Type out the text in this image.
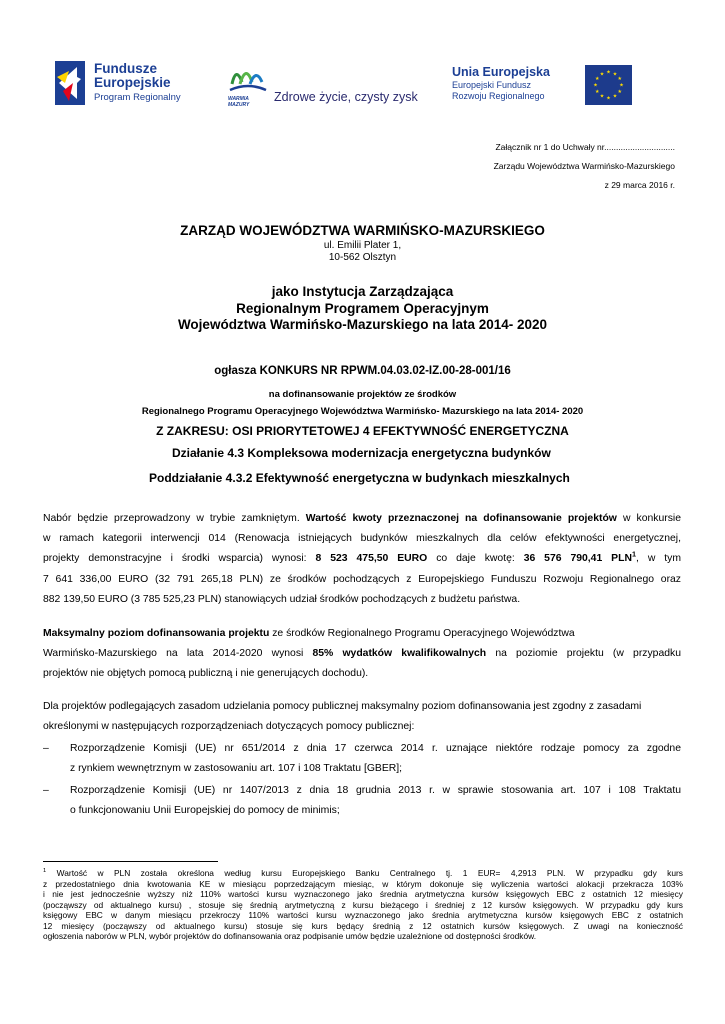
Fundusze
Europejskie
Program Regionalny	WARMIA
MAZURY
Zdrowe życie, czysty zysk
Unia Europejska
Europejski Fundusz
Rozwoju Regionalnego
★ ★
★
★
★
★
★
★
★
★
★
★
Załącznik nr 1 do Uchwały nr..............................
Zarządu Województwa Warmińsko-Mazurskiego
z 29 marca 2016 r.
ZARZĄD WOJEWÓDZTWA WARMIŃSKO-MAZURSKIEGO
ul. Emilii Plater 1,
10-562 Olsztyn
jako Instytucja Zarządzająca
Regionalnym Programem Operacyjnym
Województwa Warmińsko-Mazurskiego na lata 2014- 2020
ogłasza KONKURS NR RPWM.04.03.02-IZ.00-28-001/16
na dofinansowanie projektów ze środków
Regionalnego Programu Operacyjnego Województwa Warmińsko- Mazurskiego na lata 2014- 2020
Z ZAKRESU: OSI PRIORYTETOWEJ 4 EFEKTYWNOŚĆ ENERGETYCZNA
Działanie 4.3 Kompleksowa modernizacja energetyczna budynków
Poddziałanie 4.3.2 Efektywność energetyczna w budynkach mieszkalnych
Nabór będzie przeprowadzony w trybie zamkniętym. Wartość kwoty przeznaczonej na dofinansowanie projektów w konkursie
w ramach kategorii interwencji 014 (Renowacja istniejących budynków mieszkalnych dla celów efektywności energetycznej,
projekty demonstracyjne i środki wsparcia) wynosi: 8 523 475,50 EURO co daje kwotę: 36 576 790,41 PLN$^1$, w tym
7 641 336,00 EURO (32 791 265,18 PLN) ze środków pochodzących z Europejskiego Funduszu Rozwoju Regionalnego oraz
882 139,50 EURO (3 785 525,23 PLN) stanowiących udział środków pochodzących z budżetu państwa.
Maksymalny poziom dofinansowania projektu ze środków Regionalnego Programu Operacyjnego Województwa
Warmińsko-Mazurskiego na lata 2014-2020 wynosi 85% wydatków kwalifikowalnych na poziomie projektu (w przypadku
projektów nie objętych pomocą publiczną i nie generujących dochodu).
Dla projektów podlegających zasadom udzielania pomocy publicznej maksymalny poziom dofinansowania jest zgodny z zasadami
określonymi w następujących rozporządzeniach dotyczących pomocy publicznej:
– Rozporządzenie Komisji (UE) nr 651/2014 z dnia 17 czerwca 2014 r. uznające niektóre rodzaje pomocy za zgodne
z rynkiem wewnętrznym w zastosowaniu art. 107 i 108 Traktatu [GBER];
– Rozporządzenie Komisji (UE) nr 1407/2013 z dnia 18 grudnia 2013 r. w sprawie stosowania art. 107 i 108 Traktatu
o funkcjonowaniu Unii Europejskiej do pomocy de minimis;
$^1$ Wartość w PLN została określona według kursu Europejskiego Banku Centralnego tj. 1 EUR= 4,2913 PLN. W przypadku gdy kurs
z przedostatniego dnia kwotowania KE w miesiącu poprzedzającym miesiąc, w którym dokonuje się wyliczenia wartości alokacji przekracza 103%
i nie jest jednocześnie wyższy niż 110% wartości kursu wyznaczonego jako średnia arytmetyczna kursów księgowych EBC z ostatnich 12 miesięcy
(począwszy od aktualnego kursu) , stosuje się średnią arytmetyczną z kursu bieżącego i średniej z 12 kursów księgowych. W przypadku gdy kurs
księgowy EBC w danym miesiącu przekroczy 110% wartości kursu wyznaczonego jako średnia arytmetyczna kursów księgowych EBC z ostatnich
12 miesięcy (począwszy od aktualnego kursu) stosuje się kurs będący średnią z 12 ostatnich kursów księgowych. Z uwagi na konieczność
ogłoszenia naborów w PLN, wybór projektów do dofinansowania oraz podpisanie umów będzie uzależnione od dostępności środków.
